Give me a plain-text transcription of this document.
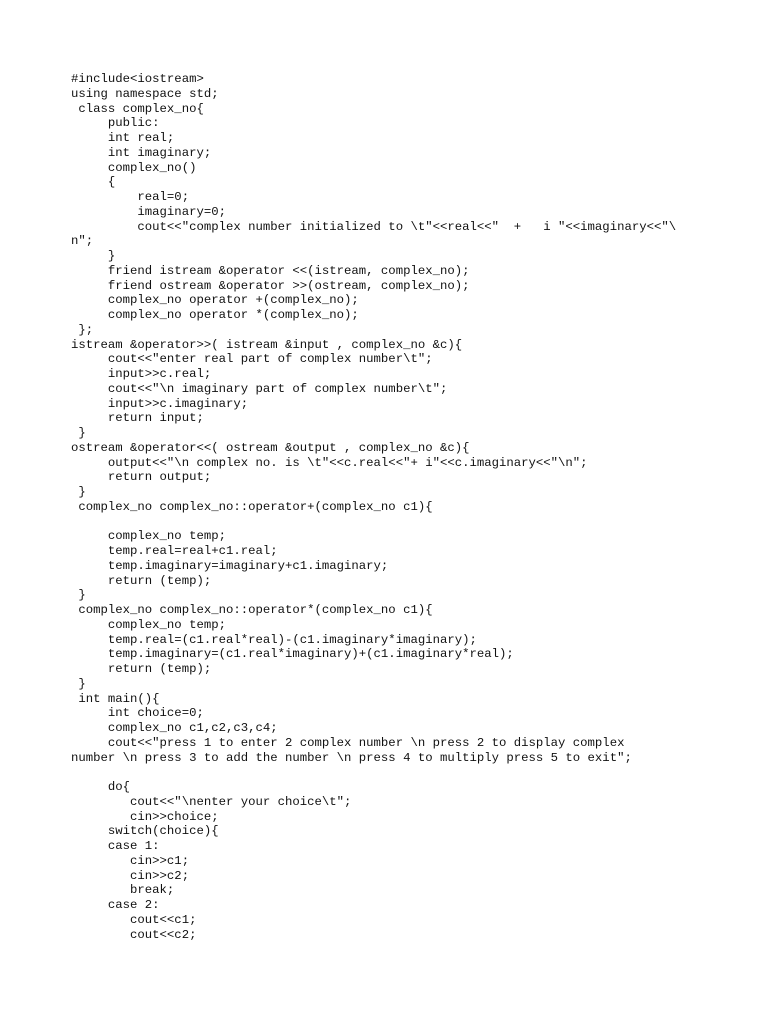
#include<iostream>
using namespace std;
class complex_no{
public:
int real;
int imaginary;
complex_no()
{
real=0;
imaginary=0;
cout<<"complex number initialized to \t"<<real<<"  +   i "<<imaginary<<"\
n";
}
friend istream &operator <<(istream, complex_no);
friend ostream &operator >>(ostream, complex_no);
complex_no operator +(complex_no);
complex_no operator *(complex_no);
};
istream &operator>>( istream &input , complex_no &c){
cout<<"enter real part of complex number\t";
input>>c.real;
cout<<"\n imaginary part of complex number\t";
input>>c.imaginary;
return input;
}
ostream &operator<<( ostream &output , complex_no &c){
output<<"\n complex no. is \t"<<c.real<<"+ i"<<c.imaginary<<"\n";
return output;
}
complex_no complex_no::operator+(complex_no c1){
complex_no temp;
temp.real=real+c1.real;
temp.imaginary=imaginary+c1.imaginary;
return (temp);
}
complex_no complex_no::operator*(complex_no c1){
complex_no temp;
temp.real=(c1.real*real)-(c1.imaginary*imaginary);
temp.imaginary=(c1.real*imaginary)+(c1.imaginary*real);
return (temp);
}
int main(){
int choice=0;
complex_no c1,c2,c3,c4;
cout<<"press 1 to enter 2 complex number \n press 2 to display complex
number \n press 3 to add the number \n press 4 to multiply press 5 to exit";
do{
cout<<"\nenter your choice\t";
cin>>choice;
switch(choice){
case 1:
cin>>c1;
cin>>c2;
break;
case 2:
cout<<c1;
cout<<c2;
